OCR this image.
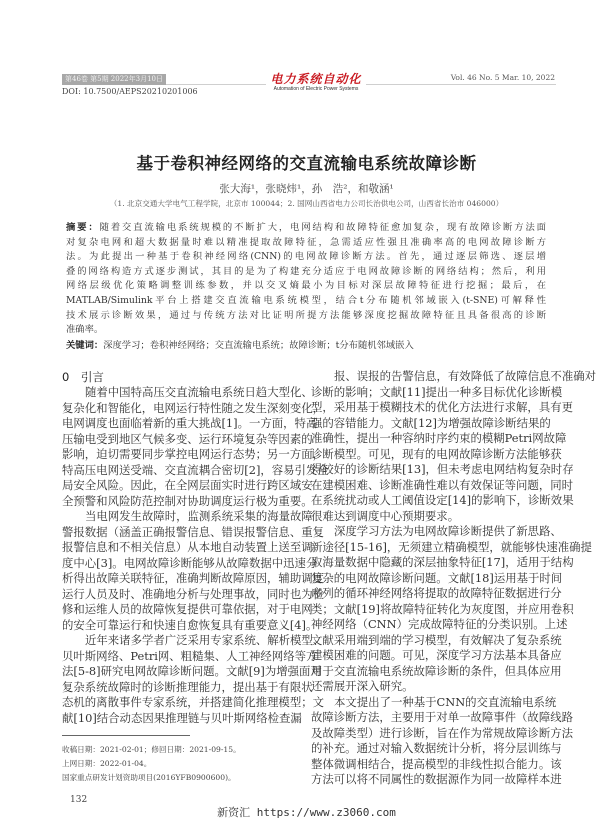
第46卷 第5期 2022年3月10日	电力系统自动化
Automation of Electric Power Systems
Vol. 46 No. 5 Mar. 10, 2022
DOI: 10.7500/AEPS20210201006
基于卷积神经网络的交直流输电系统故障诊断
张大海¹，张晓炜¹，孙　浩²，和敬涵¹
（1. 北京交通大学电气工程学院，北京市 100044；2. 国网山西省电力公司长治供电公司，山西省长治市 046000）
摘要：随着交直流输电系统规模的不断扩大，电网结构和故障特征愈加复杂，现有故障诊断方法面
对复杂电网和超大数据量时难以精准提取故障特征，急需适应性强且准确率高的电网故障诊断方
法。为此提出一种基于卷积神经网络(CNN)的电网故障诊断方法。首先，通过逐层筛选、逐层增
叠的网络构造方式逐步测试，其目的是为了构建充分适应于电网故障诊断的网络结构；然后，利用
网络层级优化策略调整训练参数，并以交叉熵最小为目标对深层故障特征进行挖掘；最后，在
MATLAB/Simulink平台上搭建交直流输电系统模型，结合t分布随机邻域嵌入(t-SNE)可解释性
技术展示诊断效果，通过与传统方法对比证明所提方法能够深度挖掘故障特征且具备很高的诊断
准确率。
关键词：深度学习；卷积神经网络；交直流输电系统；故障诊断；t分布随机邻域嵌入
0　引言
随着中国特高压交直流输电系统日趋大型化、
复杂化和智能化，电网运行特性随之发生深刻变化，
电网调度也面临着新的重大挑战[1]。一方面，特高
压输电受到地区气候多变、运行环境复杂等因素的
影响，迫切需要同步掌控电网运行态势；另一方面，
特高压电网送受端、交直流耦合密切[2]，容易引发全
局安全风险。因此，在全网层面实时进行跨区域安
全预警和风险防范控制对协助调度运行极为重要。
当电网发生故障时，监测系统采集的海量故障
警报数据（涵盖正确报警信息、错误报警信息、重复
报警信息和不相关信息）从本地自动装置上送至调
度中心[3]。电网故障诊断能够从故障数据中迅速分
析得出故障关联特征，准确判断故障原因，辅助调度
运行人员及时、准确地分析与处理事故，同时也为检
修和运维人员的故障恢复提供可靠依据，对于电网
的安全可靠运行和快速自愈恢复具有重要意义[4]。
近年来诸多学者广泛采用专家系统、解析模型、
贝叶斯网络、Petri网、粗糙集、人工神经网络等方
法[5-8]研究电网故障诊断问题。文献[9]为增强面对
复杂系统故障时的诊断推理能力，提出基于有限状
态机的离散事件专家系统，并搭建简化推理模型；文
献[10]结合动态因果推理链与贝叶斯网络检查漏
报、误报的告警信息，有效降低了故障信息不准确对
诊断的影响；文献[11]提出一种多目标优化诊断模
型，采用基于模糊技术的优化方法进行求解，具有更
强的容错能力。文献[12]为增强故障诊断结果的
准确性，提出一种容纳时序约束的模糊Petri网故障
诊断模型。可见，现有的电网故障诊断方法能够获
得较好的诊断结果[13]，但未考虑电网结构复杂时存
在建模困难、诊断准确性难以有效保证等问题，同时
在系统扰动或人工阈值设定[14]的影响下，诊断效果
很难达到调度中心预期要求。
深度学习方法为电网故障诊断提供了新思路、
新途径[15-16]，无须建立精确模型，就能够快速准确提
取海量数据中隐藏的深层抽象特征[17]，适用于结构
复杂的电网故障诊断问题。文献[18]运用基于时间
序列的循环神经网络将提取的故障特征数据进行分
类；文献[19]将故障特征转化为灰度图，并应用卷积
神经网络（CNN）完成故障特征的分类识别。上述
文献采用端到端的学习模型，有效解决了复杂系统
建模困难的问题。可见，深度学习方法基本具备应
用于交直流输电系统故障诊断的条件，但具体应用
还需展开深入研究。
本文提出了一种基于CNN的交直流输电系统
故障诊断方法，主要用于对单一故障事件（故障线路
及故障类型）进行诊断，旨在作为常规故障诊断方法
的补充。通过对输入数据统计分析，将分层训练与
整体微调相结合，提高模型的非线性拟合能力。该
方法可以将不同属性的数据源作为同一故障样本进
收稿日期：2021-02-01；修回日期：2021-09-15。
上网日期：2022-01-04。
国家重点研发计划资助项目(2016YFB0900600)。
132
新资汇 https://www.z3060.com
